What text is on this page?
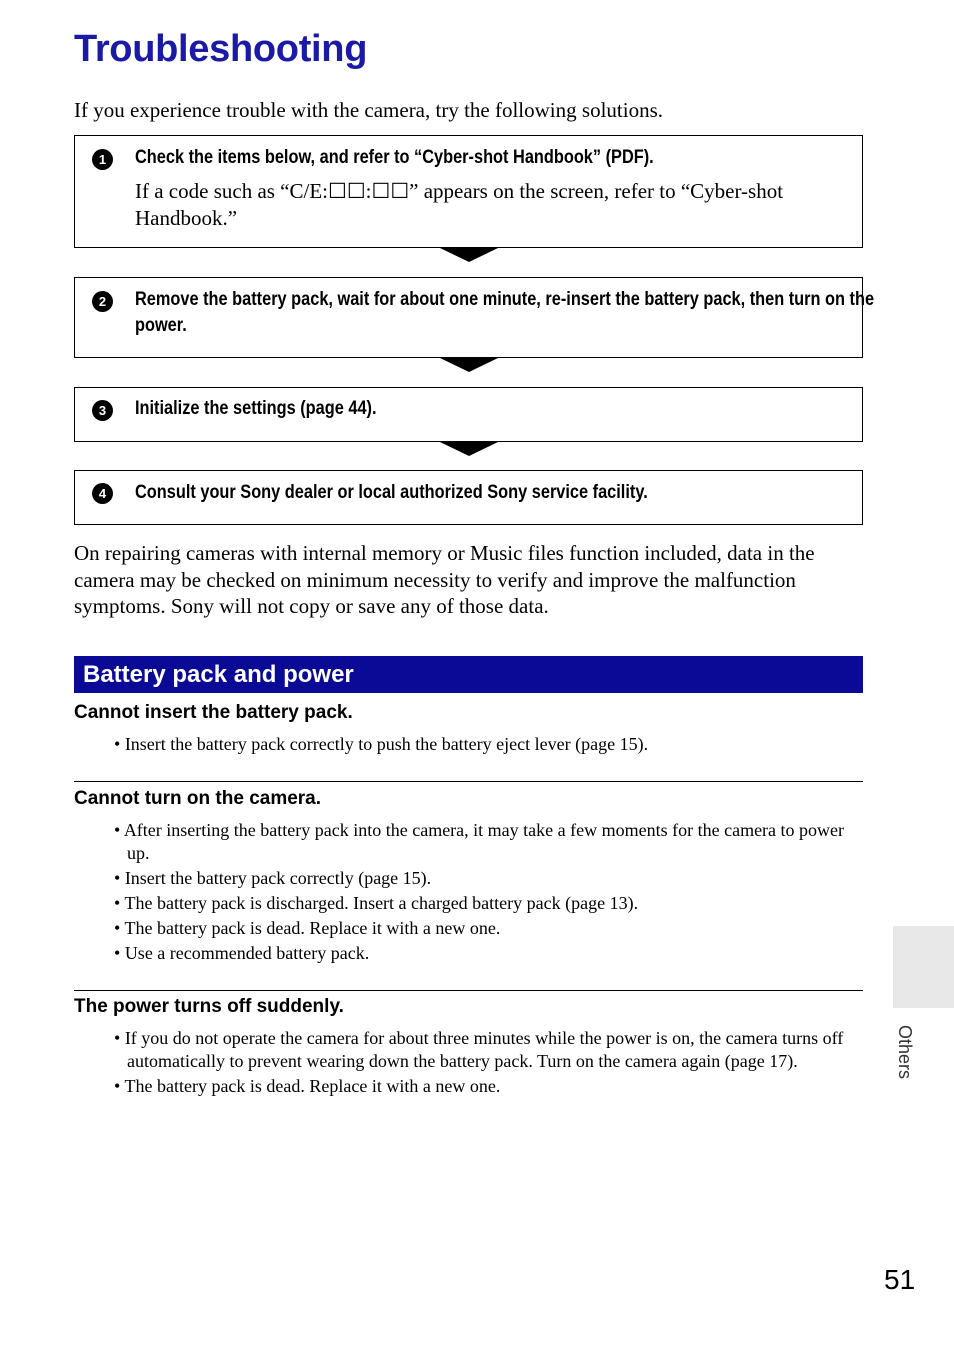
Troubleshooting
If you experience trouble with the camera, try the following solutions.
1	Check the items below, and refer to “Cyber-shot Handbook” (PDF).
If a code such as “C/E:☐☐:☐☐” appears on the screen, refer to “Cyber-shot Handbook.”
2	Remove the battery pack, wait for about one minute, re-insert the battery pack, then turn on the power.
3	Initialize the settings (page 44).
4	Consult your Sony dealer or local authorized Sony service facility.
On repairing cameras with internal memory or Music files function included, data in the camera may be checked on minimum necessity to verify and improve the malfunction symptoms. Sony will not copy or save any of those data.
Battery pack and power
Cannot insert the battery pack.
• Insert the battery pack correctly to push the battery eject lever (page 15).
Cannot turn on the camera.
• After inserting the battery pack into the camera, it may take a few moments for the camera to power up.
• Insert the battery pack correctly (page 15).
• The battery pack is discharged. Insert a charged battery pack (page 13).
• The battery pack is dead. Replace it with a new one.
• Use a recommended battery pack.
The power turns off suddenly.
• If you do not operate the camera for about three minutes while the power is on, the camera turns off automatically to prevent wearing down the battery pack. Turn on the camera again (page 17).
• The battery pack is dead. Replace it with a new one.
Others
51
